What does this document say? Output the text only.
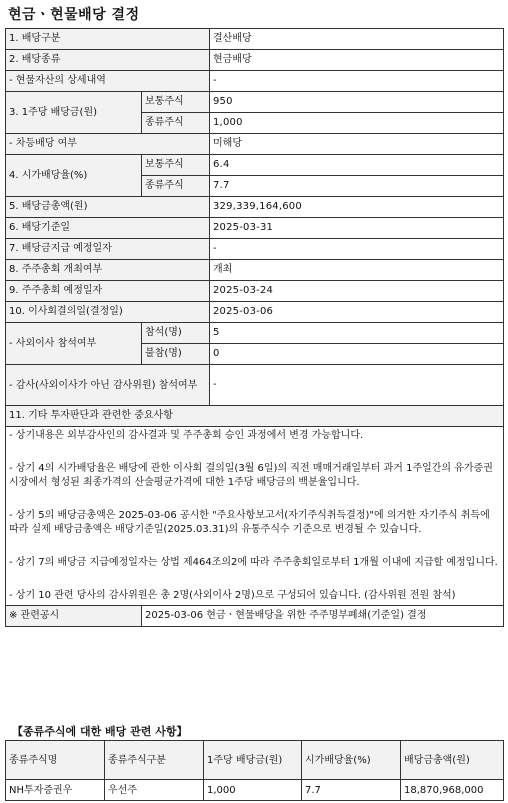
현금ㆍ현물배당 결정
1. 배당구분		결산배당
2. 배당종류		현금배당
- 현물자산의 상세내역		-
3. 1주당 배당금(원)	보통주식	950
	종류주식	1,000
- 차등배당 여부		미해당
4. 시가배당율(%)	보통주식	6.4
	종류주식	7.7
5. 배당금총액(원)		329,339,164,600
6. 배당기준일		2025-03-31
7. 배당금지급 예정일자		-
8. 주주총회 개최여부		개최
9. 주주총회 예정일자		2025-03-24
10. 이사회결의일(결정일)		2025-03-06
- 사외이사 참석여부	참석(명)	5
	불참(명)	0
- 감사(사외이사가 아닌 감사위원) 참석여부		-
11. 기타 투자판단과 관련한 중요사항		

- 상기내용은 외부감사인의 감사결과 및 주주총회 승인 과정에서 변경 가능합니다.

- 상기 4의 시가배당율은 배당에 관한 이사회 결의일(3월 6일)의 직전 매매거래일부터 과거 1주일간의 유가증권시장에서 형성된 최종가격의 산술평균가격에 대한 1주당 배당금의 백분율입니다.

- 상기 5의 배당금총액은 2025-03-06 공시한 "주요사항보고서(자기주식취득결정)"에 의거한 자기주식 취득에 따라 실제 배당금총액은 배당기준일(2025.03.31)의 유통주식수 기준으로 변경될 수 있습니다.

- 상기 7의 배당금 지급예정일자는 상법 제464조의2에 따라 주주총회일로부터 1개월 이내에 지급할 예정입니다.

- 상기 10 관련 당사의 감사위원은 총 2명(사외이사 2명)으로 구성되어 있습니다. (감사위원 전원 참석)		

※ 관련공시	2025-03-06 현금ㆍ현물배당을 위한 주주명부폐쇄(기준일) 결정	
【종류주식에 대한 배당 관련 사항】
종류주식명	종류주식구분	1주당 배당금(원)	시가배당율(%)	배당금총액(원)
NH투자증권우	우선주	1,000	7.7	18,870,968,000
